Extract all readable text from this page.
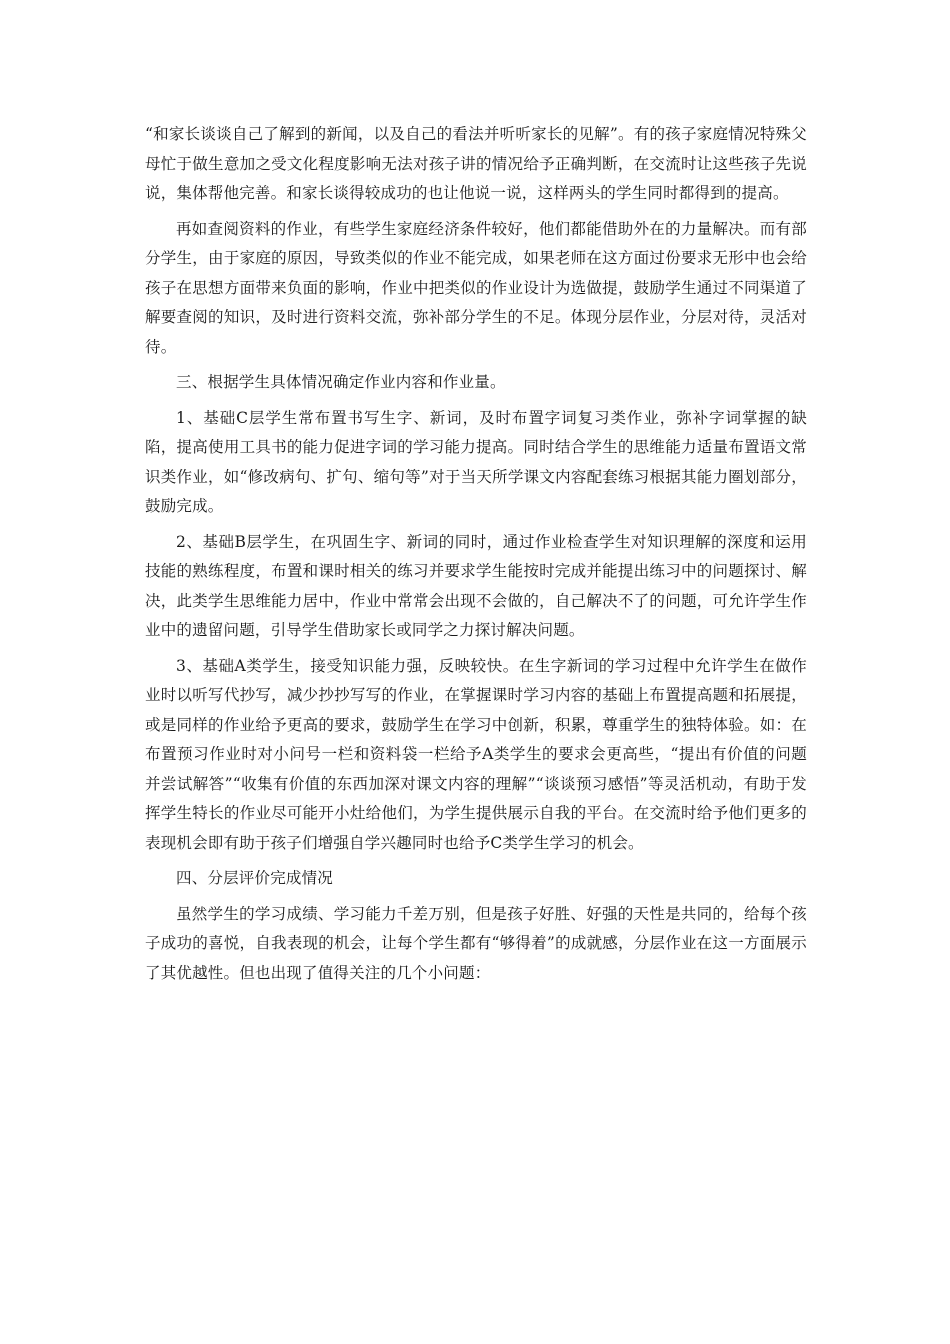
“和家长谈谈自己了解到的新闻，以及自己的看法并听听家长的见解”。有的孩子家庭情况特殊父母忙于做生意加之受文化程度影响无法对孩子讲的情况给予正确判断，在交流时让这些孩子先说说，集体帮他完善。和家长谈得较成功的也让他说一说，这样两头的学生同时都得到的提高。

再如查阅资料的作业，有些学生家庭经济条件较好，他们都能借助外在的力量解决。而有部分学生，由于家庭的原因，导致类似的作业不能完成，如果老师在这方面过份要求无形中也会给孩子在思想方面带来负面的影响，作业中把类似的作业设计为选做提，鼓励学生通过不同渠道了解要查阅的知识，及时进行资料交流，弥补部分学生的不足。体现分层作业，分层对待，灵活对待。

三、根据学生具体情况确定作业内容和作业量。

1、基础C层学生常布置书写生字、新词，及时布置字词复习类作业，弥补字词掌握的缺陷，提高使用工具书的能力促进字词的学习能力提高。同时结合学生的思维能力适量布置语文常识类作业，如“修改病句、扩句、缩句等”对于当天所学课文内容配套练习根据其能力圈划部分，鼓励完成。

2、基础B层学生，在巩固生字、新词的同时，通过作业检查学生对知识理解的深度和运用技能的熟练程度，布置和课时相关的练习并要求学生能按时完成并能提出练习中的问题探讨、解决，此类学生思维能力居中，作业中常常会出现不会做的，自己解决不了的问题，可允许学生作业中的遗留问题，引导学生借助家长或同学之力探讨解决问题。

3、基础A类学生，接受知识能力强，反映较快。在生字新词的学习过程中允许学生在做作业时以听写代抄写，减少抄抄写写的作业，在掌握课时学习内容的基础上布置提高题和拓展提，或是同样的作业给予更高的要求，鼓励学生在学习中创新，积累，尊重学生的独特体验。如：在布置预习作业时对小问号一栏和资料袋一栏给予A类学生的要求会更高些，“提出有价值的问题并尝试解答”“收集有价值的东西加深对课文内容的理解”“谈谈预习感悟”等灵活机动，有助于发挥学生特长的作业尽可能开小灶给他们，为学生提供展示自我的平台。在交流时给予他们更多的表现机会即有助于孩子们增强自学兴趣同时也给予C类学生学习的机会。

四、分层评价完成情况

虽然学生的学习成绩、学习能力千差万别，但是孩子好胜、好强的天性是共同的，给每个孩子成功的喜悦，自我表现的机会，让每个学生都有“够得着”的成就感，分层作业在这一方面展示了其优越性。但也出现了值得关注的几个小问题：
